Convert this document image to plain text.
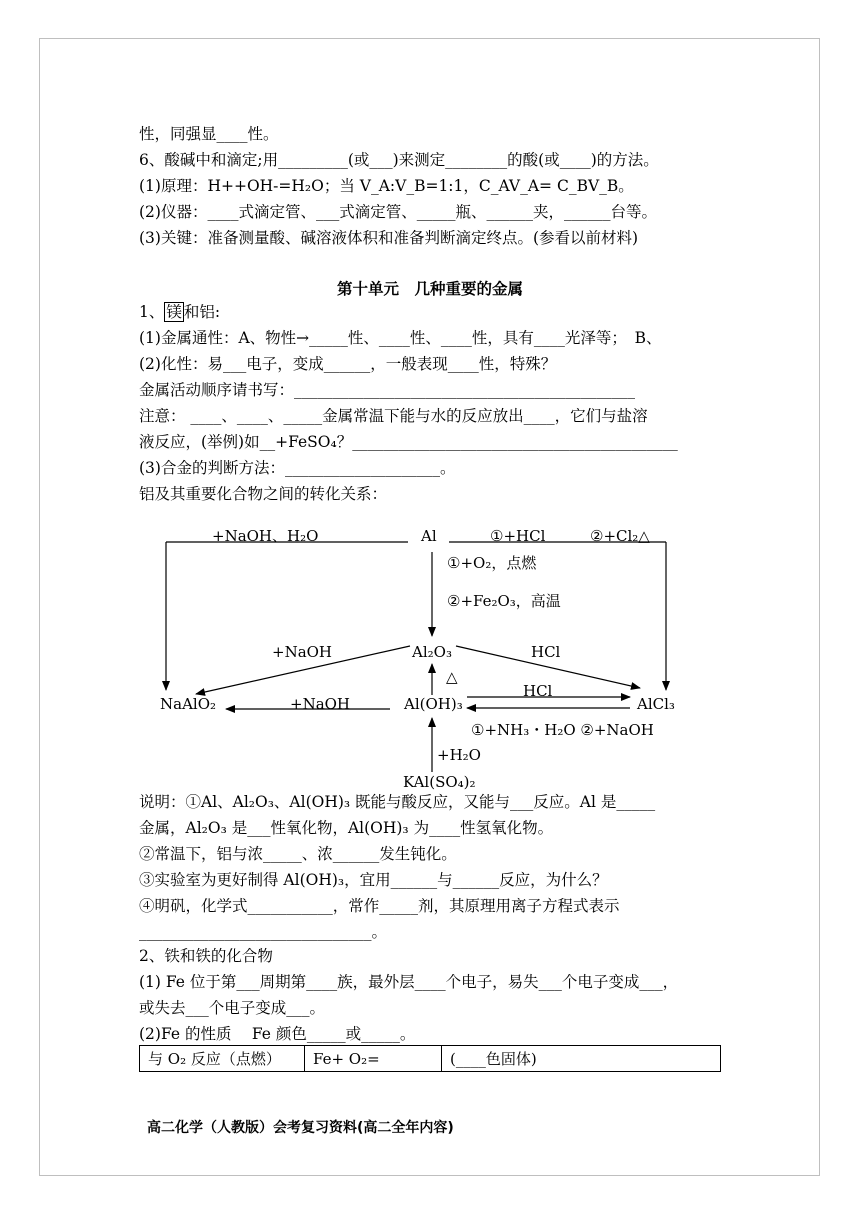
性，同强显____性。
6、酸碱中和滴定;用_________(或___)来测定________的酸(或____)的方法。
(1)原理：H++OH-=H₂O；当 V_A:V_B=1:1，C_AV_A= C_BV_B。
(2)仪器：____式滴定管、___式滴定管、_____瓶、______夹，______台等。
(3)关键：准备测量酸、碱溶液体积和准备判断滴定终点。(参看以前材料)
第十单元　几种重要的金属
1、 镁 和铝:
(1)金属通性：A、物性→_____性、____性、____性，具有____光泽等；　B、
(2)化性：易___电子，变成______，一般表现____性，特殊？
金属活动顺序请书写：____________________________________________
注意： ____、____、_____金属常温下能与水的反应放出____，它们与盐溶
液反应，(举例)如__+FeSO₄？__________________________________________
(3)合金的判断方法：____________________。
铝及其重要化合物之间的转化关系：
+NaOH、H₂O	Al	①+HCl	②+Cl₂△
①+O₂，点燃
②+Fe₂O₃，高温
+NaOH	Al₂O₃	HCl
△
NaAlO₂	+NaOH	Al(OH)₃
HCl
AlCl₃
①+NH₃・H₂O ②+NaOH
+H₂O
KAl(SO₄)₂
说明：①Al、Al₂O₃、Al(OH)₃ 既能与酸反应，又能与___反应。Al 是_____
金属，Al₂O₃ 是___性氧化物，Al(OH)₃ 为____性氢氧化物。
②常温下，铝与浓_____、浓______发生钝化。
③实验室为更好制得 Al(OH)₃，宜用______与______反应，为什么？
④明矾，化学式___________，常作_____剂，其原理用离子方程式表示
______________________________。
2、铁和铁的化合物
(1) Fe 位于第___周期第____族，最外层____个电子，易失___个电子变成___，
或失去___个电子变成___。
(2)Fe 的性质　 Fe 颜色_____或_____。
与 O₂ 反应（点燃）	Fe+ O₂=	(____色固体)
高二化学（人教版）会考复习资料(高二全年内容)
